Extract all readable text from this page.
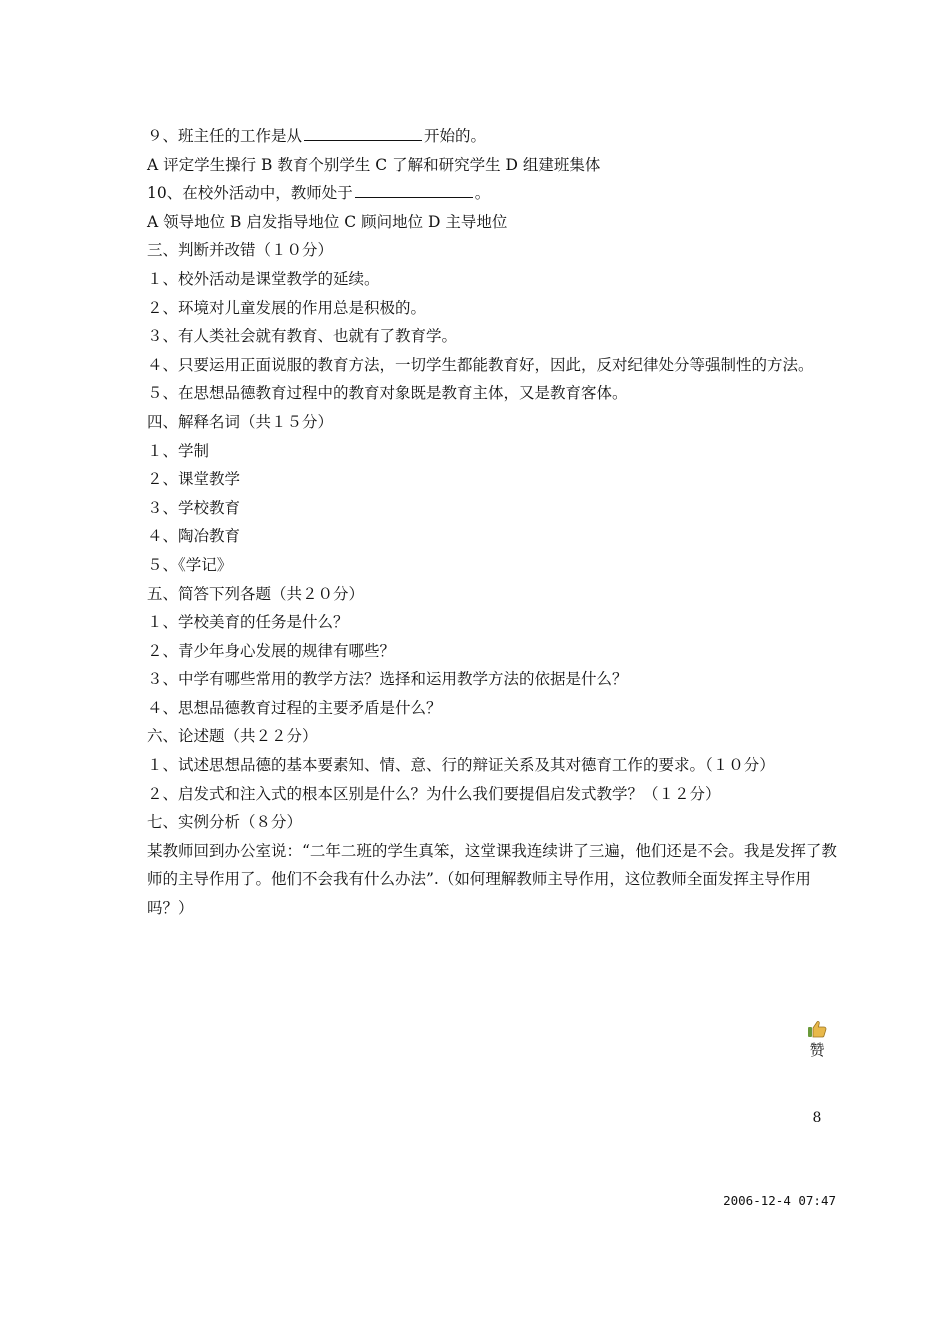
９、班主任的工作是从	开始的。
A 评定学生操行 B 教育个别学生 C 了解和研究学生 D 组建班集体
10、在校外活动中，教师处于	。
A 领导地位 B 启发指导地位 C 顾问地位 D 主导地位
三、判断并改错（１０分）
１、校外活动是课堂教学的延续。
２、环境对儿童发展的作用总是积极的。
３、有人类社会就有教育、也就有了教育学。
４、只要运用正面说服的教育方法，一切学生都能教育好，因此，反对纪律处分等强制性的方法。
５、在思想品德教育过程中的教育对象既是教育主体，又是教育客体。
四、解释名词（共１５分）
１、学制
２、课堂教学
３、学校教育
４、陶冶教育
５、《学记》
五、简答下列各题（共２０分）
１、学校美育的任务是什么？
２、青少年身心发展的规律有哪些？
３、中学有哪些常用的教学方法？选择和运用教学方法的依据是什么？
４、思想品德教育过程的主要矛盾是什么？
六、论述题（共２２分）
１、试述思想品德的基本要素知、情、意、行的辩证关系及其对德育工作的要求。（１０分）
２、启发式和注入式的根本区别是什么？为什么我们要提倡启发式教学？（１２分）
七、实例分析（８分）
某教师回到办公室说：“二年二班的学生真笨，这堂课我连续讲了三遍，他们还是不会。我是发挥了教师的主导作用了。他们不会我有什么办法”.（如何理解教师主导作用，这位教师全面发挥主导作用吗？）
赞
8
2006-12-4 07:47
